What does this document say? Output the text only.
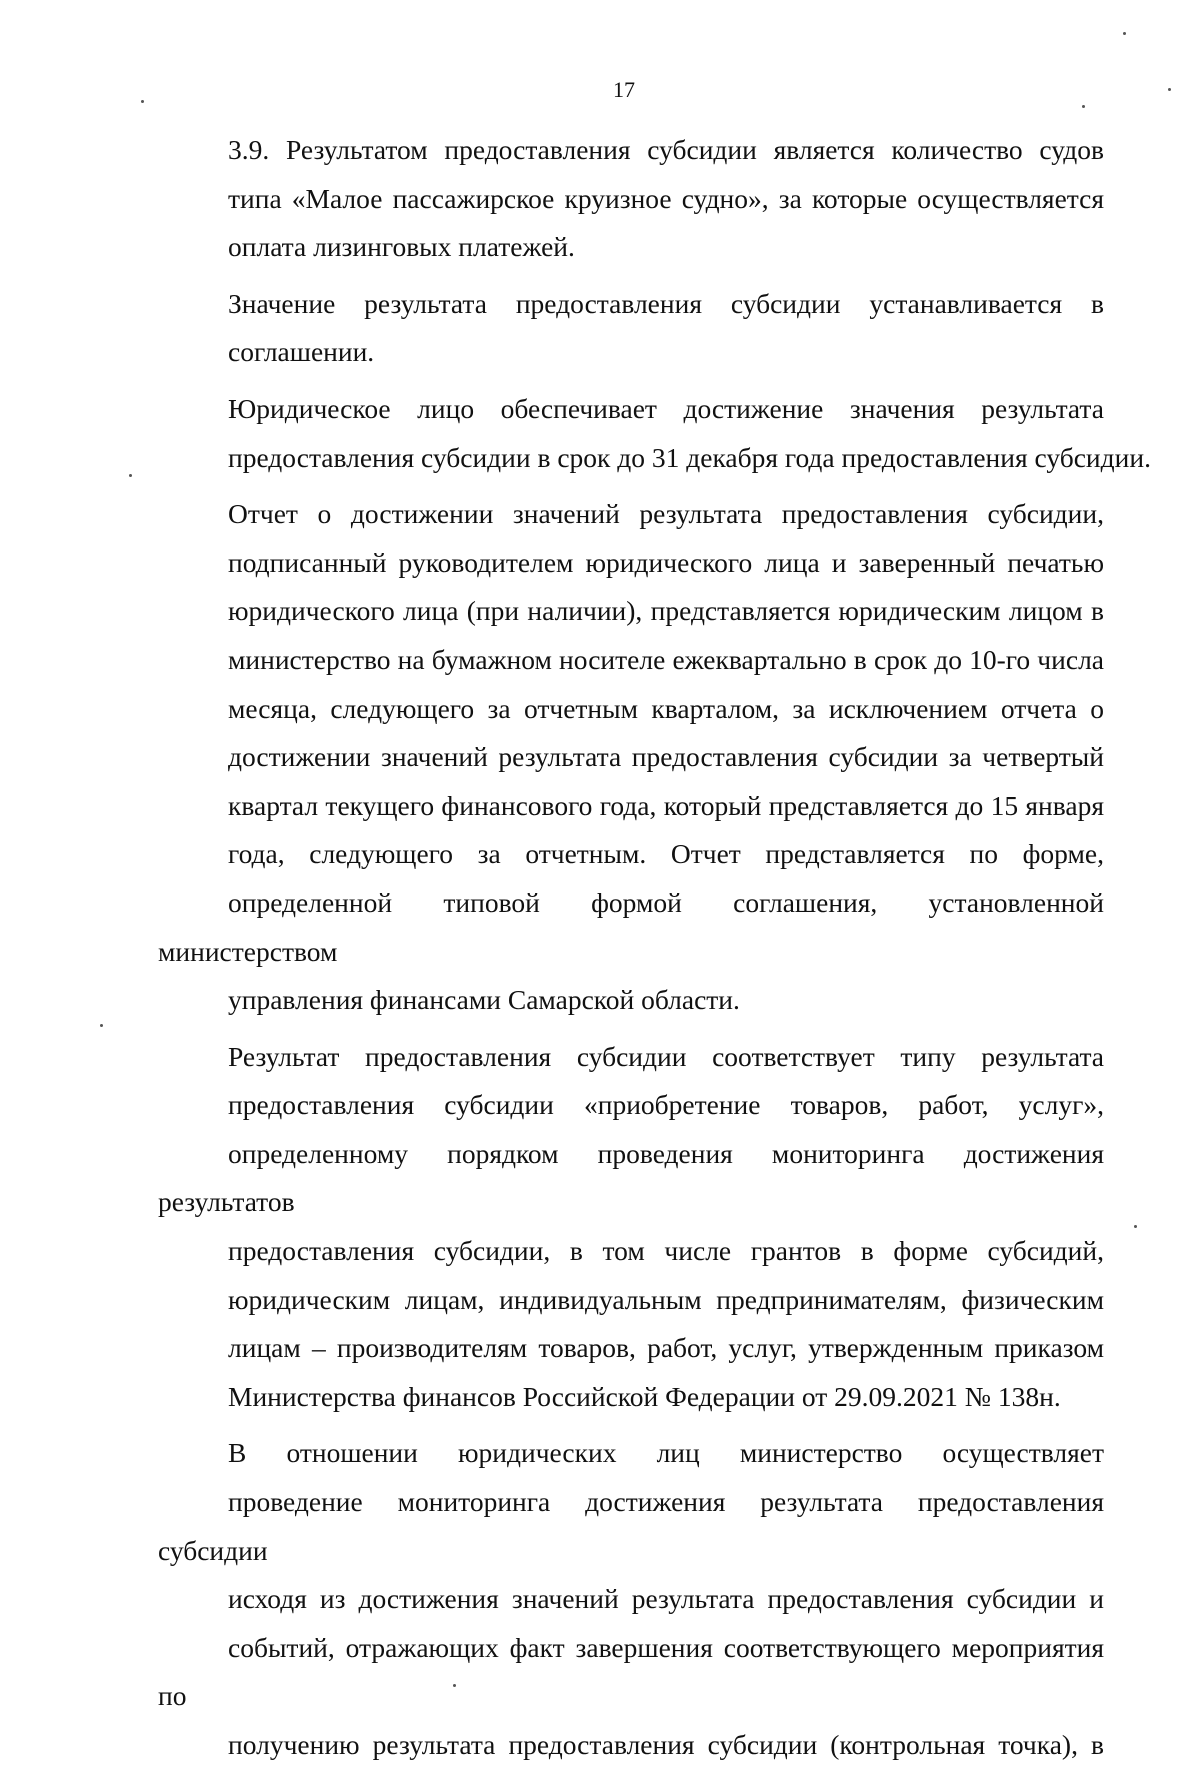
17
3.9. Результатом предоставления субсидии является количество судов
типа «Малое пассажирское круизное судно», за которые осуществляется
оплата лизинговых платежей.
Значение результата предоставления субсидии устанавливается в
соглашении.
Юридическое лицо обеспечивает достижение значения результата
предоставления субсидии в срок до 31 декабря года предоставления субсидии.
Отчет о достижении значений результата предоставления субсидии,
подписанный руководителем юридического лица и заверенный печатью
юридического лица (при наличии), представляется юридическим лицом в
министерство на бумажном носителе ежеквартально в срок до 10-го числа
месяца, следующего за отчетным кварталом, за исключением отчета о
достижении значений результата предоставления субсидии за четвертый
квартал текущего финансового года, который представляется до 15 января
года, следующего за отчетным. Отчет представляется по форме,
определенной типовой формой соглашения, установленной министерством
управления финансами Самарской области.
Результат предоставления субсидии соответствует типу результата
предоставления субсидии «приобретение товаров, работ, услуг»,
определенному порядком проведения мониторинга достижения результатов
предоставления субсидии, в том числе грантов в форме субсидий,
юридическим лицам, индивидуальным предпринимателям, физическим
лицам – производителям товаров, работ, услуг, утвержденным приказом
Министерства финансов Российской Федерации от 29.09.2021 № 138н.
В отношении юридических лиц министерство осуществляет
проведение мониторинга достижения результата предоставления субсидии
исходя из достижения значений результата предоставления субсидии и
событий, отражающих факт завершения соответствующего мероприятия по
получению результата предоставления субсидии (контрольная точка), в
